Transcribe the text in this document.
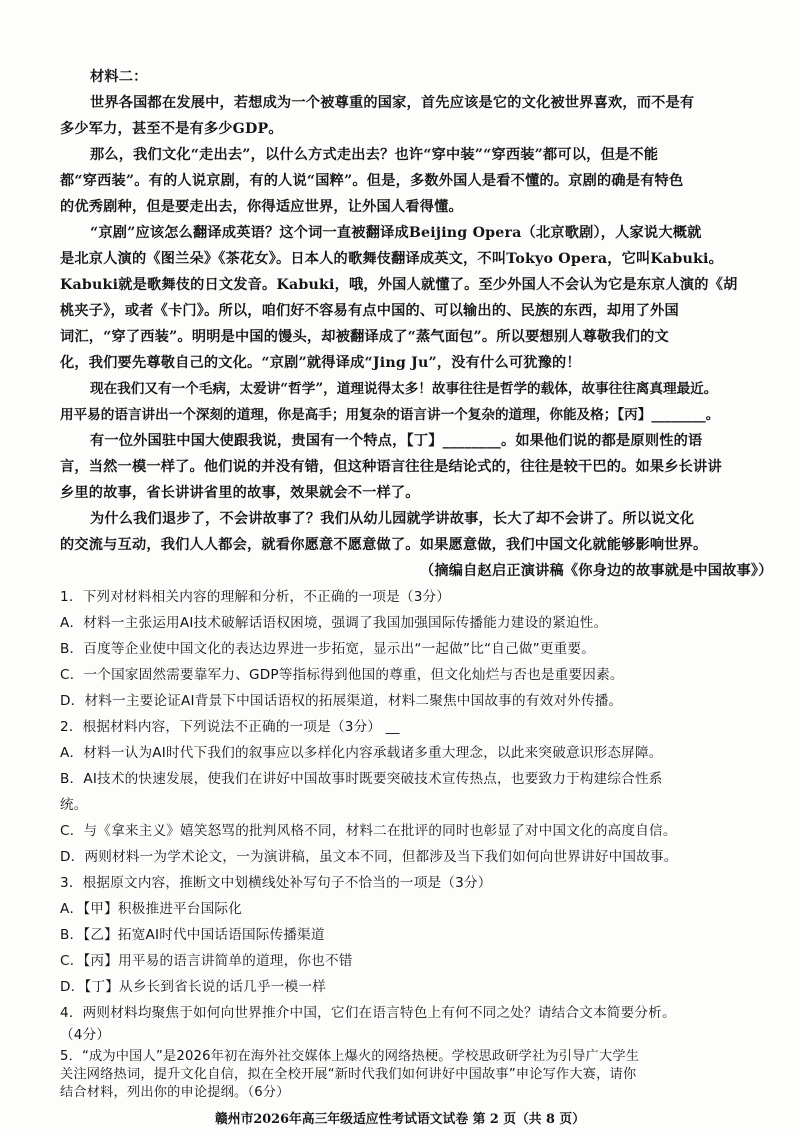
材料二：
世界各国都在发展中，若想成为一个被尊重的国家，首先应该是它的文化被世界喜欢，而不是有
多少军力，甚至不是有多少GDP。
那么，我们文化“走出去”，以什么方式走出去？也许“穿中装”“穿西装”都可以，但是不能
都“穿西装”。有的人说京剧，有的人说“国粹”。但是，多数外国人是看不懂的。京剧的确是有特色
的优秀剧种，但是要走出去，你得适应世界，让外国人看得懂。
“京剧”应该怎么翻译成英语？这个词一直被翻译成Beijing Opera（北京歌剧），人家说大概就
是北京人演的《图兰朵》《茶花女》。日本人的歌舞伎翻译成英文，不叫Tokyo Opera，它叫Kabuki。
Kabuki就是歌舞伎的日文发音。Kabuki，哦，外国人就懂了。至少外国人不会认为它是东京人演的《胡
桃夹子》，或者《卡门》。所以，咱们好不容易有点中国的、可以输出的、民族的东西，却用了外国
词汇，“穿了西装”。明明是中国的馒头，却被翻译成了“蒸气面包”。所以要想别人尊敬我们的文
化，我们要先尊敬自己的文化。“京剧”就得译成“Jing Ju”，没有什么可犹豫的！
现在我们又有一个毛病，太爱讲“哲学”，道理说得太多！故事往往是哲学的载体，故事往往离真理最近。
用平易的语言讲出一个深刻的道理，你是高手；用复杂的语言讲一个复杂的道理，你能及格；【丙】________。
有一位外国驻中国大使跟我说，贵国有一个特点，【丁】________。如果他们说的都是原则性的语
言，当然一模一样了。他们说的并没有错，但这种语言往往是结论式的，往往是较干巴的。如果乡长讲讲
乡里的故事，省长讲讲省里的故事，效果就会不一样了。
为什么我们退步了，不会讲故事了？我们从幼儿园就学讲故事，长大了却不会讲了。所以说文化
的交流与互动，我们人人都会，就看你愿意不愿意做了。如果愿意做，我们中国文化就能够影响世界。
（摘编自赵启正演讲稿《你身边的故事就是中国故事》）
1．下列对材料相关内容的理解和分析，不正确的一项是（3分）
A．材料一主张运用AI技术破解话语权困境，强调了我国加强国际传播能力建设的紧迫性。
B．百度等企业使中国文化的表达边界进一步拓宽，显示出“一起做”比“自己做”更重要。
C．一个国家固然需要靠军力、GDP等指标得到他国的尊重，但文化灿烂与否也是重要因素。
D．材料一主要论证AI背景下中国话语权的拓展渠道，材料二聚焦中国故事的有效对外传播。
2．根据材料内容，下列说法不正确的一项是（3分） __
A．材料一认为AI时代下我们的叙事应以多样化内容承载诸多重大理念，以此来突破意识形态屏障。
B．AI技术的快速发展，使我们在讲好中国故事时既要突破技术宣传热点，也要致力于构建综合性系
统。
C．与《拿来主义》嬉笑怒骂的批判风格不同，材料二在批评的同时也彰显了对中国文化的高度自信。
D．两则材料一为学术论文，一为演讲稿，虽文本不同，但都涉及当下我们如何向世界讲好中国故事。
3．根据原文内容，推断文中划横线处补写句子不恰当的一项是（3分）
A．【甲】积极推进平台国际化
B．【乙】拓宽AI时代中国话语国际传播渠道
C．【丙】用平易的语言讲简单的道理，你也不错
D．【丁】从乡长到省长说的话几乎一模一样
4．两则材料均聚焦于如何向世界推介中国，它们在语言特色上有何不同之处？请结合文本简要分析。
（4分）
5．“成为中国人”是2026年初在海外社交媒体上爆火的网络热梗。学校思政研学社为引导广大学生
赣州市2026年高三年级适应性考试语文试卷 第 2 页（共 8 页）
关注网络热词，提升文化自信，拟在全校开展“新时代我们如何讲好中国故事”申论写作大赛，请你
结合材料，列出你的申论提纲。（6分）
